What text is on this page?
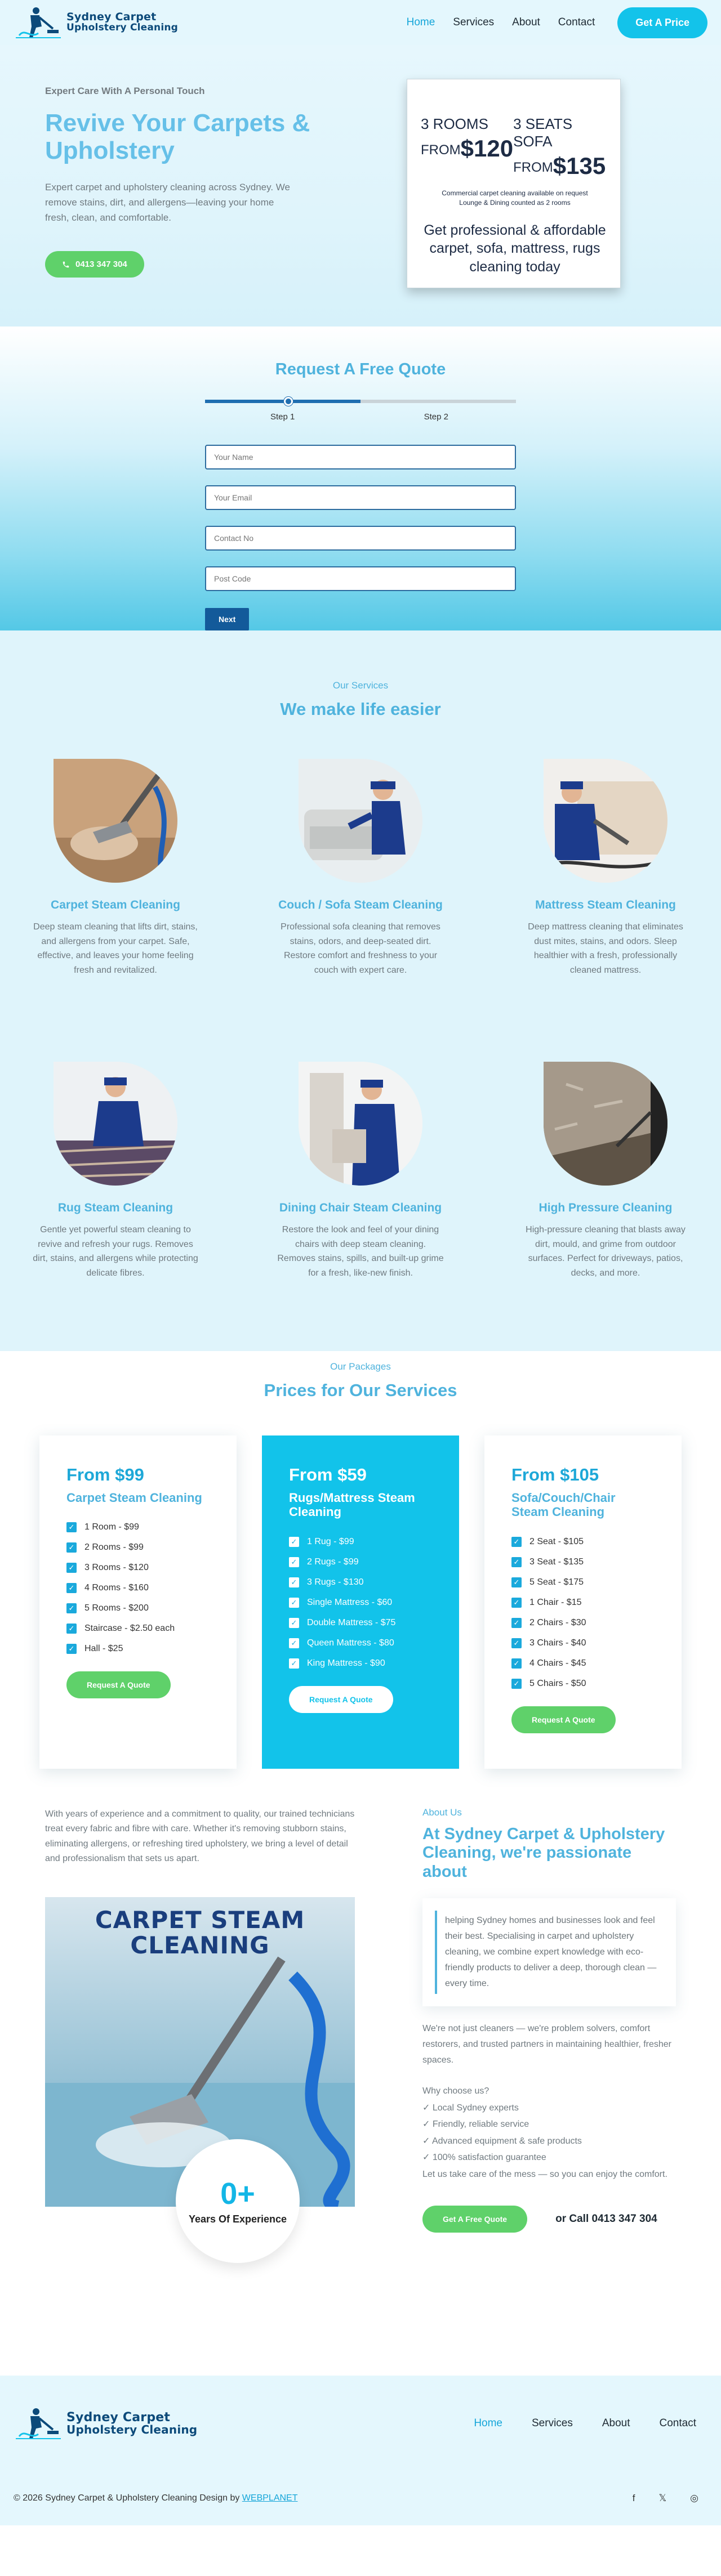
Sydney Carpet
Upholstery Cleaning	Home Services About Contact	Get A Price
Expert Care With A Personal Touch
Revive Your Carpets & Upholstery

Expert carpet and upholstery cleaning across Sydney. We remove stains, dirt, and allergens—leaving your home fresh, clean, and comfortable.

0413 347 304
3 ROOMS
FROM$120
3 SEATS SOFA
FROM$135
Commercial carpet cleaning available on request
Lounge & Dining counted as 2 rooms
Get professional & affordable carpet, sofa, mattress, rugs cleaning today
Request A Free Quote
Step 1	Step 2
Your Name
Your Email
Contact No
Post Code
Next
Our Services
We make life easier
Carpet Steam Cleaning

Deep steam cleaning that lifts dirt, stains, and allergens from your carpet. Safe, effective, and leaves your home feeling fresh and revitalized.

Couch / Sofa Steam Cleaning

Professional sofa cleaning that removes stains, odors, and deep-seated dirt. Restore comfort and freshness to your couch with expert care.

Mattress Steam Cleaning

Deep mattress cleaning that eliminates dust mites, stains, and odors. Sleep healthier with a fresh, professionally cleaned mattress.

Rug Steam Cleaning

Gentle yet powerful steam cleaning to revive and refresh your rugs. Removes dirt, stains, and allergens while protecting delicate fibres.

Dining Chair Steam Cleaning

Restore the look and feel of your dining chairs with deep steam cleaning. Removes stains, spills, and built-up grime for a fresh, like-new finish.

High Pressure Cleaning

High-pressure cleaning that blasts away dirt, mould, and grime from outdoor surfaces. Perfect for driveways, patios, decks, and more.

Our Packages
Prices for Our Services
From $99
Carpet Steam Cleaning
✓ 1 Room - $99
✓ 2 Rooms - $99
✓ 3 Rooms - $120
✓ 4 Rooms - $160
✓ 5 Rooms - $200
✓ Staircase - $2.50 each
✓ Hall - $25
Request A Quote
From $59
Rugs/Mattress Steam Cleaning
✓ 1 Rug - $99
✓ 2 Rugs - $99
✓ 3 Rugs - $130
✓ Single Mattress - $60
✓ Double Mattress - $75
✓ Queen Mattress - $80
✓ King Mattress - $90
Request A Quote
From $105
Sofa/Couch/Chair Steam Cleaning
✓ 2 Seat - $105
✓ 3 Seat - $135
✓ 5 Seat - $175
✓ 1 Chair - $15
✓ 2 Chairs - $30
✓ 3 Chairs - $40
✓ 4 Chairs - $45
✓ 5 Chairs - $50
Request A Quote

With years of experience and a commitment to quality, our trained technicians treat every fabric and fibre with care. Whether it's removing stubborn stains, eliminating allergens, or refreshing tired upholstery, we bring a level of detail and professionalism that sets us apart.

CARPET STEAM CLEANING
0+
Years Of Experience
About Us
At Sydney Carpet & Upholstery Cleaning, we're passionate about

helping Sydney homes and businesses look and feel their best. Specialising in carpet and upholstery cleaning, we combine expert knowledge with eco-friendly products to deliver a deep, thorough clean — every time.

We're not just cleaners — we're problem solvers, comfort restorers, and trusted partners in maintaining healthier, fresher spaces.

Why choose us?
✓ Local Sydney experts
✓ Friendly, reliable service
✓ Advanced equipment & safe products
✓ 100% satisfaction guarantee
Let us take care of the mess — so you can enjoy the comfort.
Get A Free Quote	or Call 0413 347 304
Sydney Carpet
Upholstery Cleaning	Home	Services	About	Contact
© 2026 Sydney Carpet & Upholstery Cleaning Design by WEBPLANET	f 𝕏 ◎
